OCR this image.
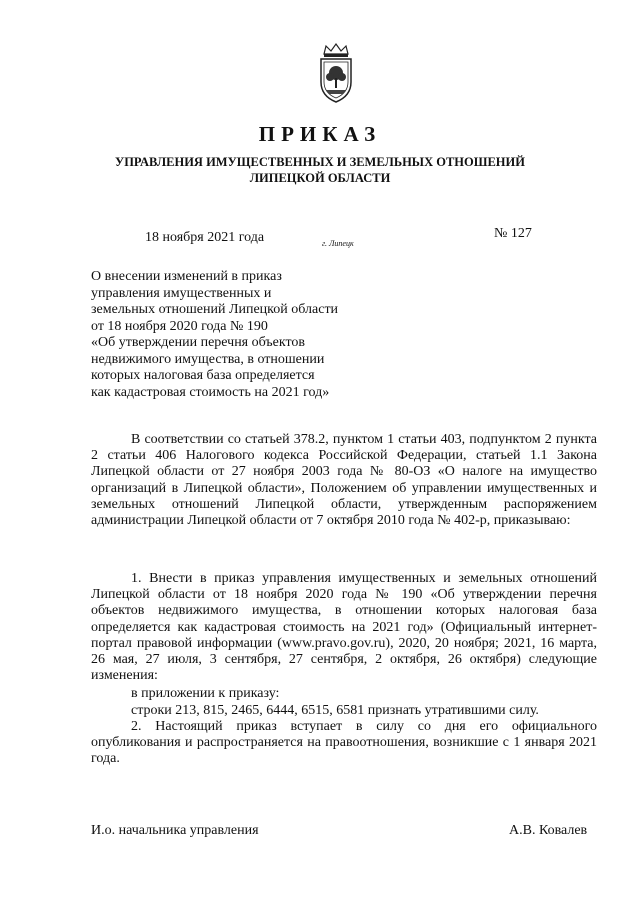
ПРИКАЗ
УПРАВЛЕНИЯ ИМУЩЕСТВЕННЫХ И ЗЕМЕЛЬНЫХ ОТНОШЕНИЙ
ЛИПЕЦКОЙ ОБЛАСТИ
18 ноября 2021 года	г. Липецк
№ 127
О внесении изменений в приказ
управления имущественных и
земельных отношений Липецкой области
от 18 ноября 2020 года № 190
«Об утверждении перечня объектов
недвижимого имущества, в отношении
которых налоговая база определяется
как кадастровая стоимость на 2021 год»
В соответствии со статьей 378.2, пунктом 1 статьи 403, подпунктом 2 пункта 2 статьи 406 Налогового кодекса Российской Федерации, статьей 1.1 Закона Липецкой области от 27 ноября 2003 года № 80-ОЗ «О налоге на имущество организаций в Липецкой области», Положением об управлении имущественных и земельных отношений Липецкой области, утвержденным распоряжением администрации Липецкой области от 7 октября 2010 года № 402-р, приказываю:
1. Внести в приказ управления имущественных и земельных отношений Липецкой области от 18 ноября 2020 года № 190 «Об утверждении перечня объектов недвижимого имущества, в отношении которых налоговая база определяется как кадастровая стоимость на 2021 год» (Официальный интернет-портал правовой информации (www.pravo.gov.ru), 2020, 20 ноября; 2021, 16 марта, 26 мая, 27 июля, 3 сентября, 27 сентября, 2 октября, 26 октября) следующие изменения:
в приложении к приказу:
строки 213, 815, 2465, 6444, 6515, 6581 признать утратившими силу.
2. Настоящий приказ вступает в силу со дня его официального опубликования и распространяется на правоотношения, возникшие с 1 января 2021 года.
И.о. начальника управления	А.В. Ковалев
